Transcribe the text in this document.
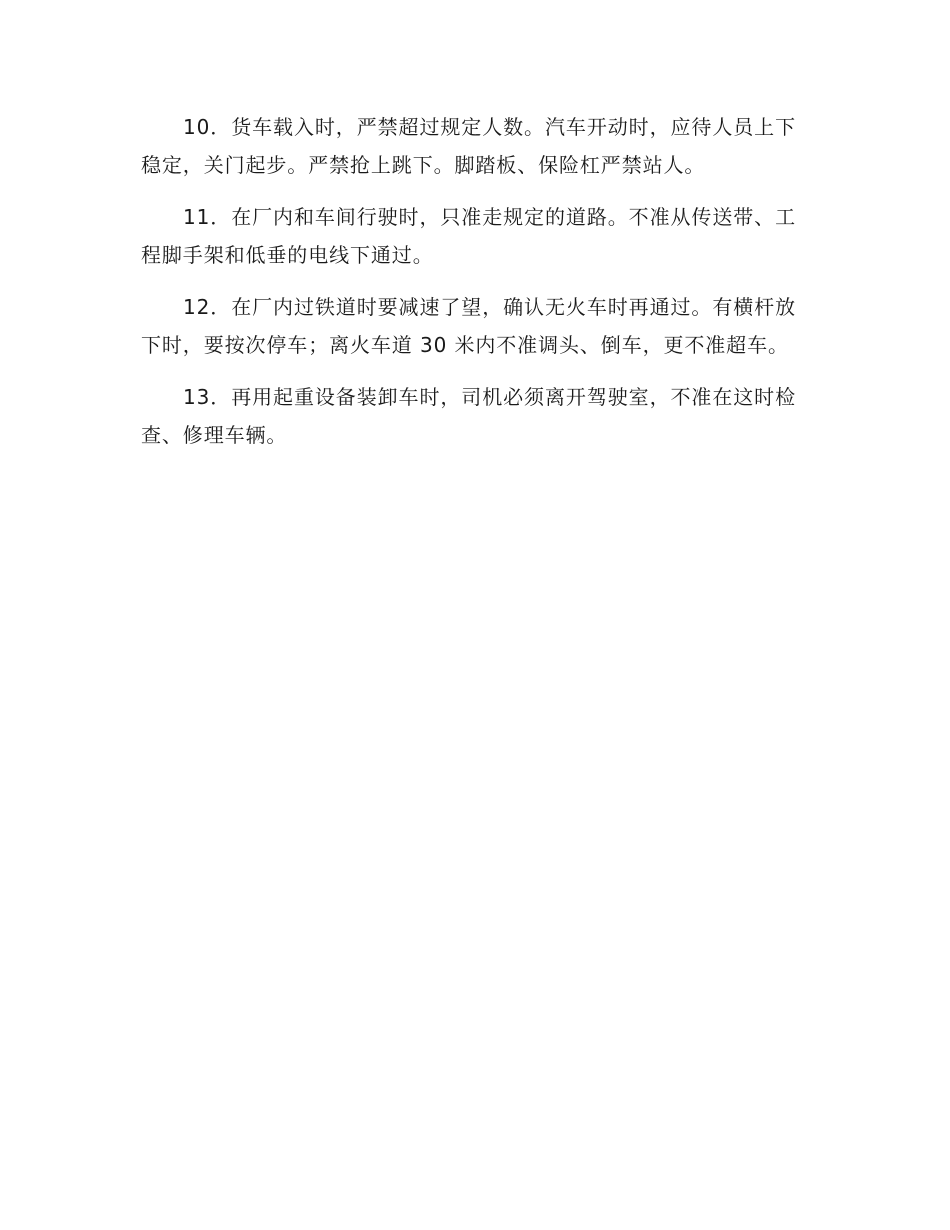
10．货车载入时，严禁超过规定人数。汽车开动时，应待人员上下稳定，关门起步。严禁抢上跳下。脚踏板、保险杠严禁站人。

11．在厂内和车间行驶时，只准走规定的道路。不准从传送带、工程脚手架和低垂的电线下通过。

12．在厂内过铁道时要减速了望，确认无火车时再通过。有横杆放下时，要按次停车；离火车道 30 米内不准调头、倒车，更不准超车。

13．再用起重设备装卸车时，司机必须离开驾驶室，不准在这时检查、修理车辆。
